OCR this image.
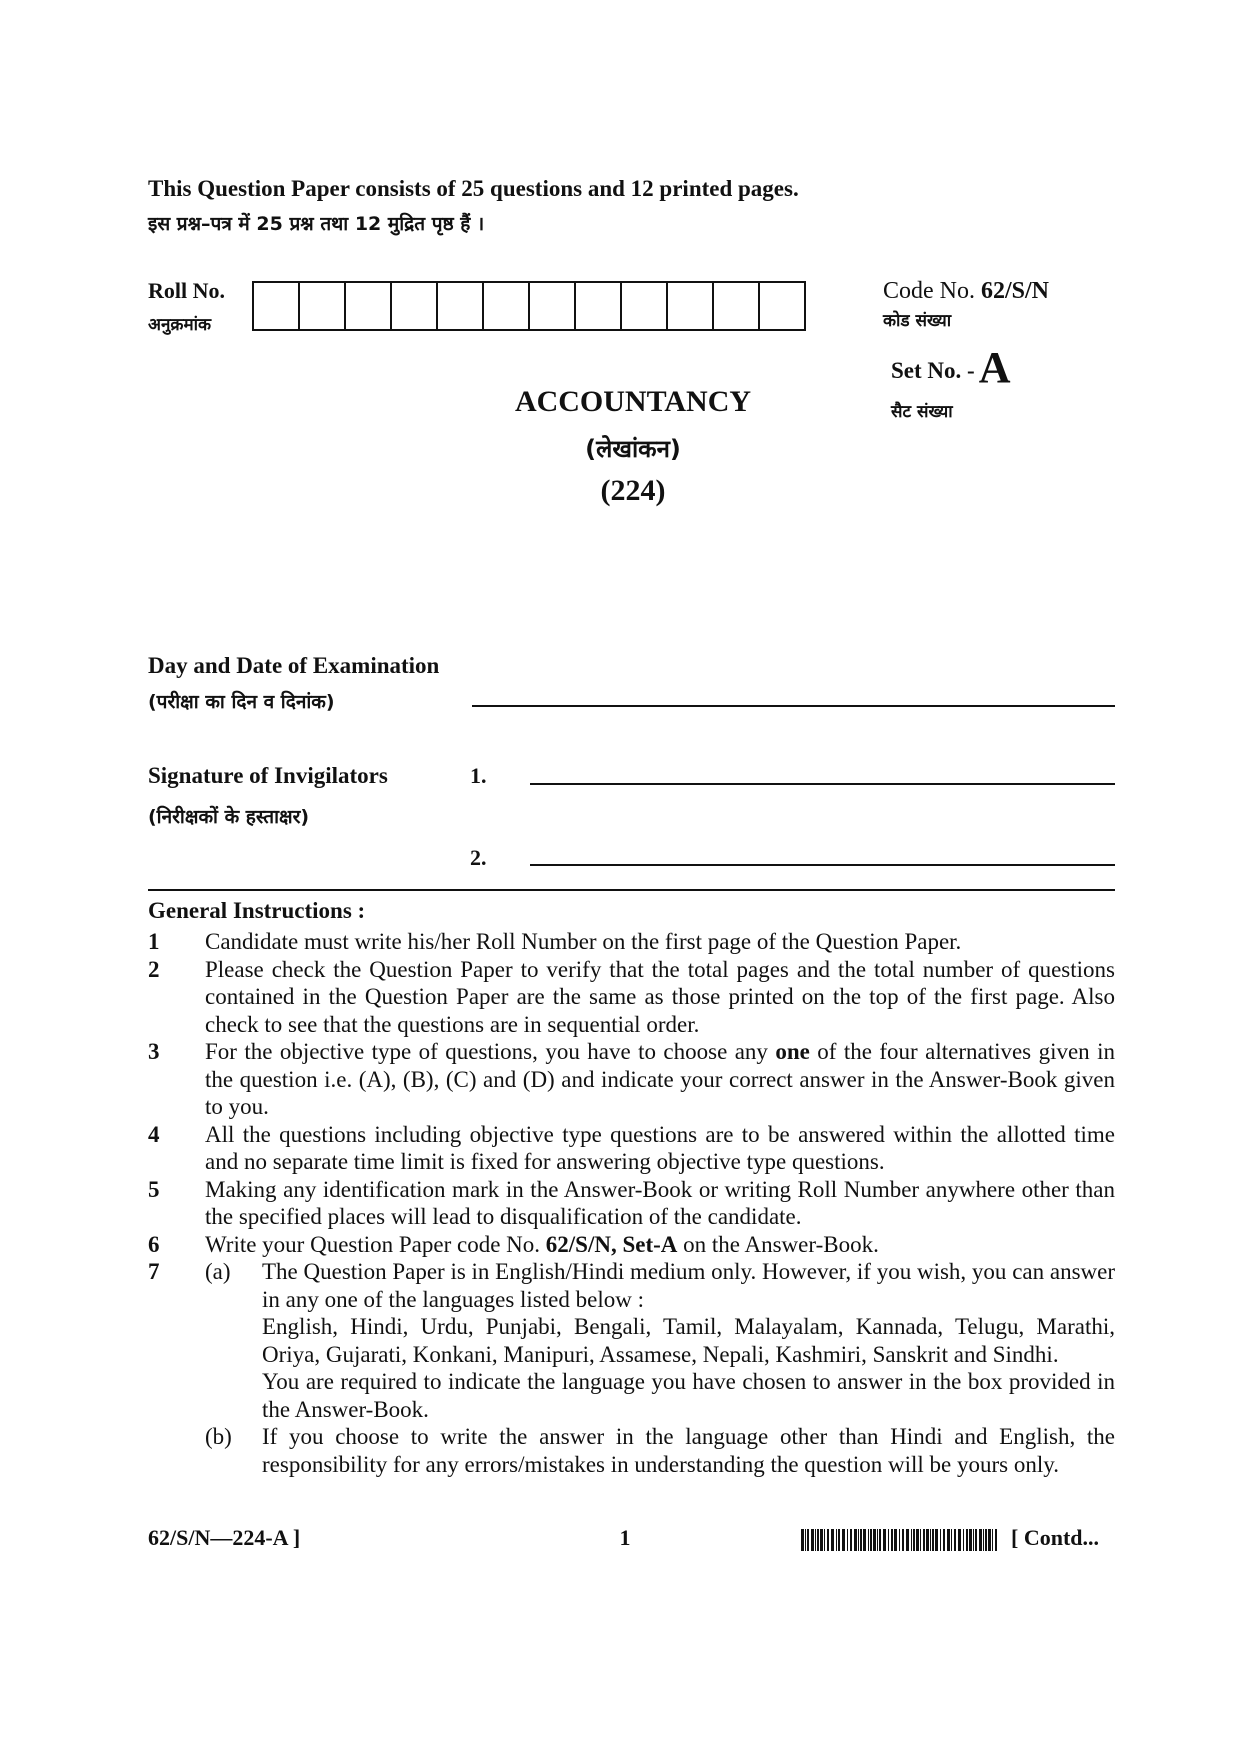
This Question Paper consists of 25 questions and 12 printed pages.
इस प्रश्न–पत्र में 25 प्रश्न तथा 12 मुद्रित पृष्ठ हैं ।
Roll No.
अनुक्रमांक
Code No. 62/S/N
कोड संख्या
Set No. -A
सैट संख्या
ACCOUNTANCY
(लेखांकन)
(224)
Day and Date of Examination
(परीक्षा का दिन व दिनांक)
Signature of Invigilators
(निरीक्षकों के हस्ताक्षर)
1.
2.
General Instructions :
1	Candidate must write his/her Roll Number on the first page of the Question Paper.
2	Please check the Question Paper to verify that the total pages and the total number of questions contained in the Question Paper are the same as those printed on the top of the first page. Also check to see that the questions are in sequential order.
3	For the objective type of questions, you have to choose any one of the four alternatives given in the question i.e. (A), (B), (C) and (D) and indicate your correct answer in the Answer-Book given to you.
4	All the questions including objective type questions are to be answered within the allotted time and no separate time limit is fixed for answering objective type questions.
5	Making any identification mark in the Answer-Book or writing Roll Number anywhere other than the specified places will lead to disqualification of the candidate.
6	Write your Question Paper code No. 62/S/N, Set-A on the Answer-Book.
7	(a)	The Question Paper is in English/Hindi medium only. However, if you wish, you can answer in any one of the languages listed below :
English, Hindi, Urdu, Punjabi, Bengali, Tamil, Malayalam, Kannada, Telugu, Marathi, Oriya, Gujarati, Konkani, Manipuri, Assamese, Nepali, Kashmiri, Sanskrit and Sindhi.
You are required to indicate the language you have chosen to answer in the box provided in the Answer-Book.
(b)	If you choose to write the answer in the language other than Hindi and English, the responsibility for any errors/mistakes in understanding the question will be yours only.
62/S/N—224-A ]	1	[ Contd...
